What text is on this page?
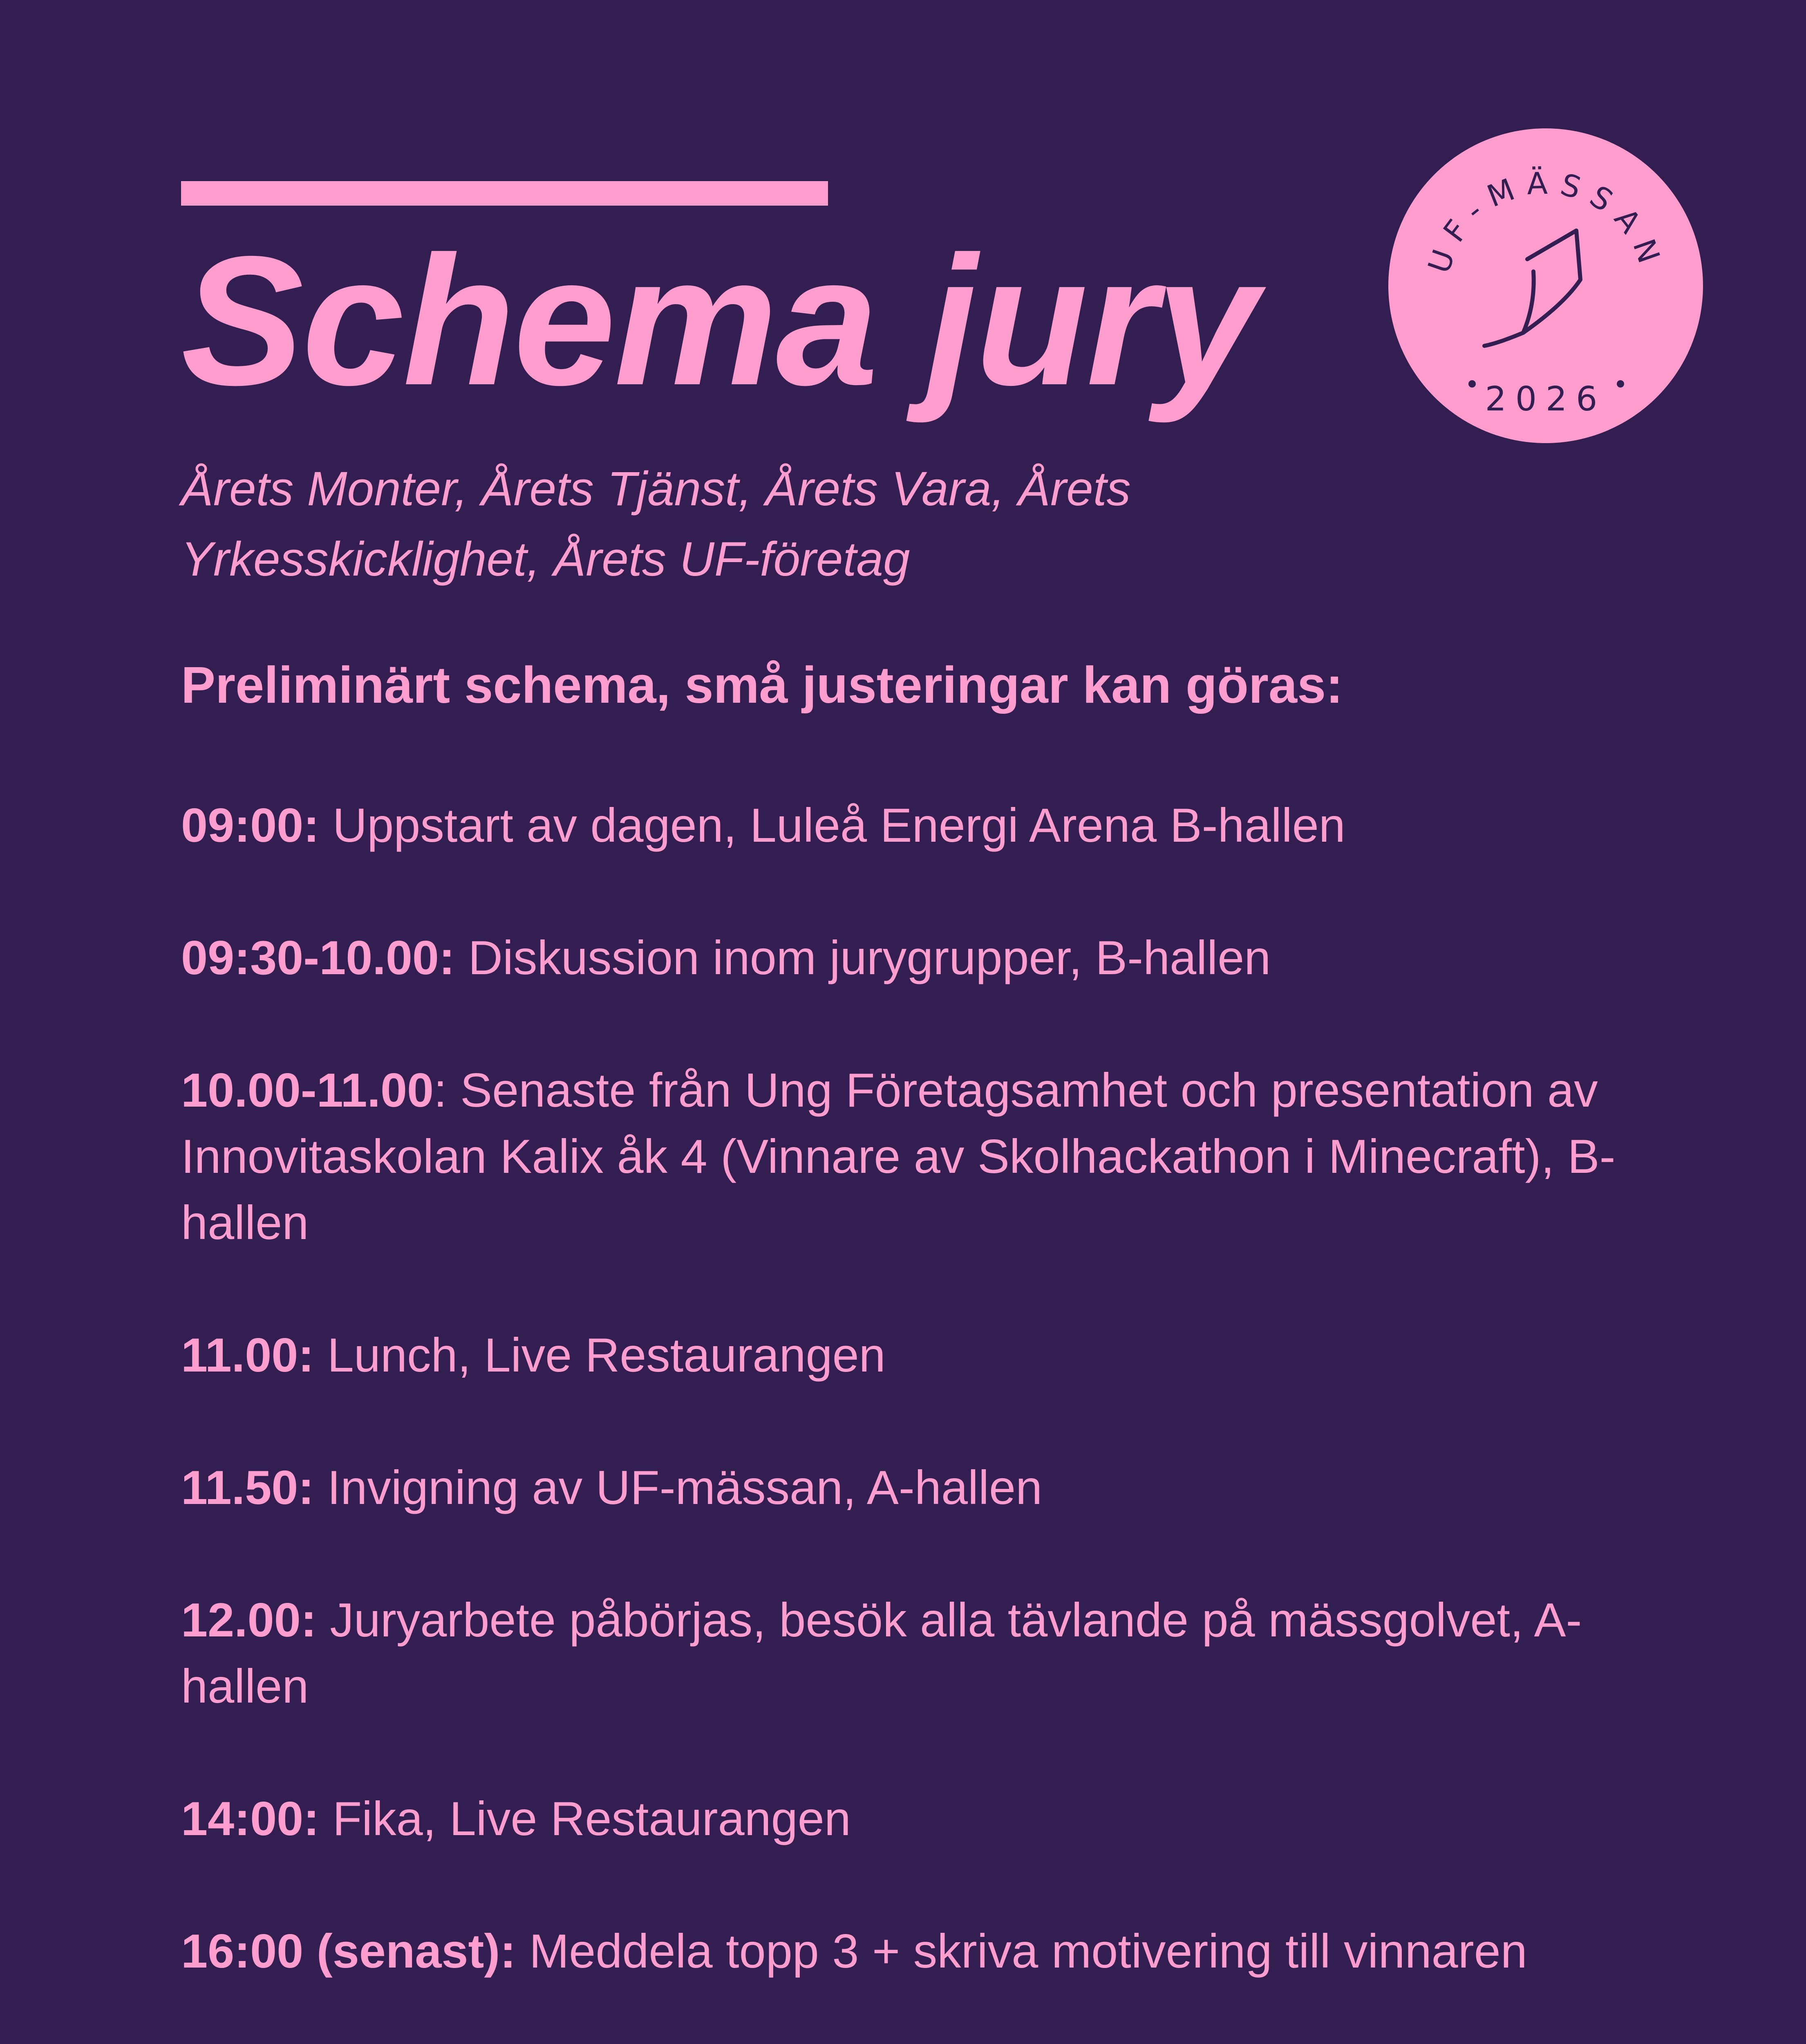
Schema jury
Årets Monter, Årets Tjänst, Årets Vara, Årets Yrkesskicklighet, Årets UF-företag
Preliminärt schema, små justeringar kan göras:
09:00: Uppstart av dagen, Luleå Energi Arena B-hallen
09:30-10.00: Diskussion inom jurygrupper, B-hallen
10.00-11.00: Senaste från Ung Företagsamhet och presentation av Innovitaskolan Kalix åk 4 (Vinnare av Skolhackathon i Minecraft), B-hallen
11.00: Lunch, Live Restaurangen
11.50: Invigning av UF-mässan, A-hallen
12.00: Juryarbete påbörjas, besök alla tävlande på mässgolvet, A-hallen
14:00: Fika, Live Restaurangen
16:00 (senast): Meddela topp 3 + skriva motivering till vinnaren
UF-MÄSSAN
2026
